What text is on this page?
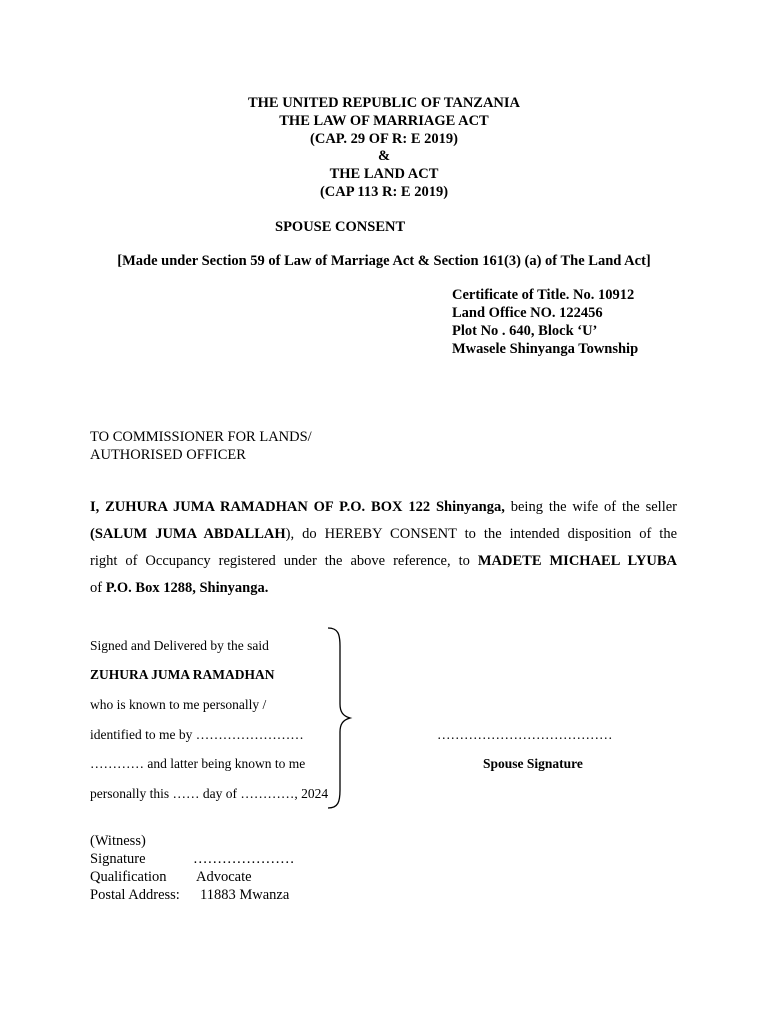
THE UNITED REPUBLIC OF TANZANIA
THE LAW OF MARRIAGE ACT
(CAP. 29 OF R: E 2019)
&
THE LAND ACT
(CAP 113 R: E 2019)
SPOUSE CONSENT
[Made under Section 59 of Law of Marriage Act & Section 161(3) (a) of The Land Act]
Certificate of Title. No. 10912
Land Office NO. 122456
Plot No . 640, Block ‘U’
Mwasele Shinyanga Township
TO COMMISSIONER FOR LANDS/
AUTHORISED OFFICER
I, ZUHURA JUMA RAMADHAN OF P.O. BOX 122 Shinyanga, being the wife of the seller
(SALUM JUMA ABDALLAH), do HEREBY CONSENT to the intended disposition of the
right of Occupancy registered under the above reference, to MADETE MICHAEL LYUBA
of P.O. Box 1288, Shinyanga.
Signed and Delivered by the said
ZUHURA JUMA RAMADHAN
who is known to me personally /
identified to me by ……………………
………… and latter being known to me
personally this …… day of …………, 2024
…………………………………
Spouse Signature
(Witness)
Signature	…………………
Qualification Advocate
Postal Address: 11883 Mwanza
